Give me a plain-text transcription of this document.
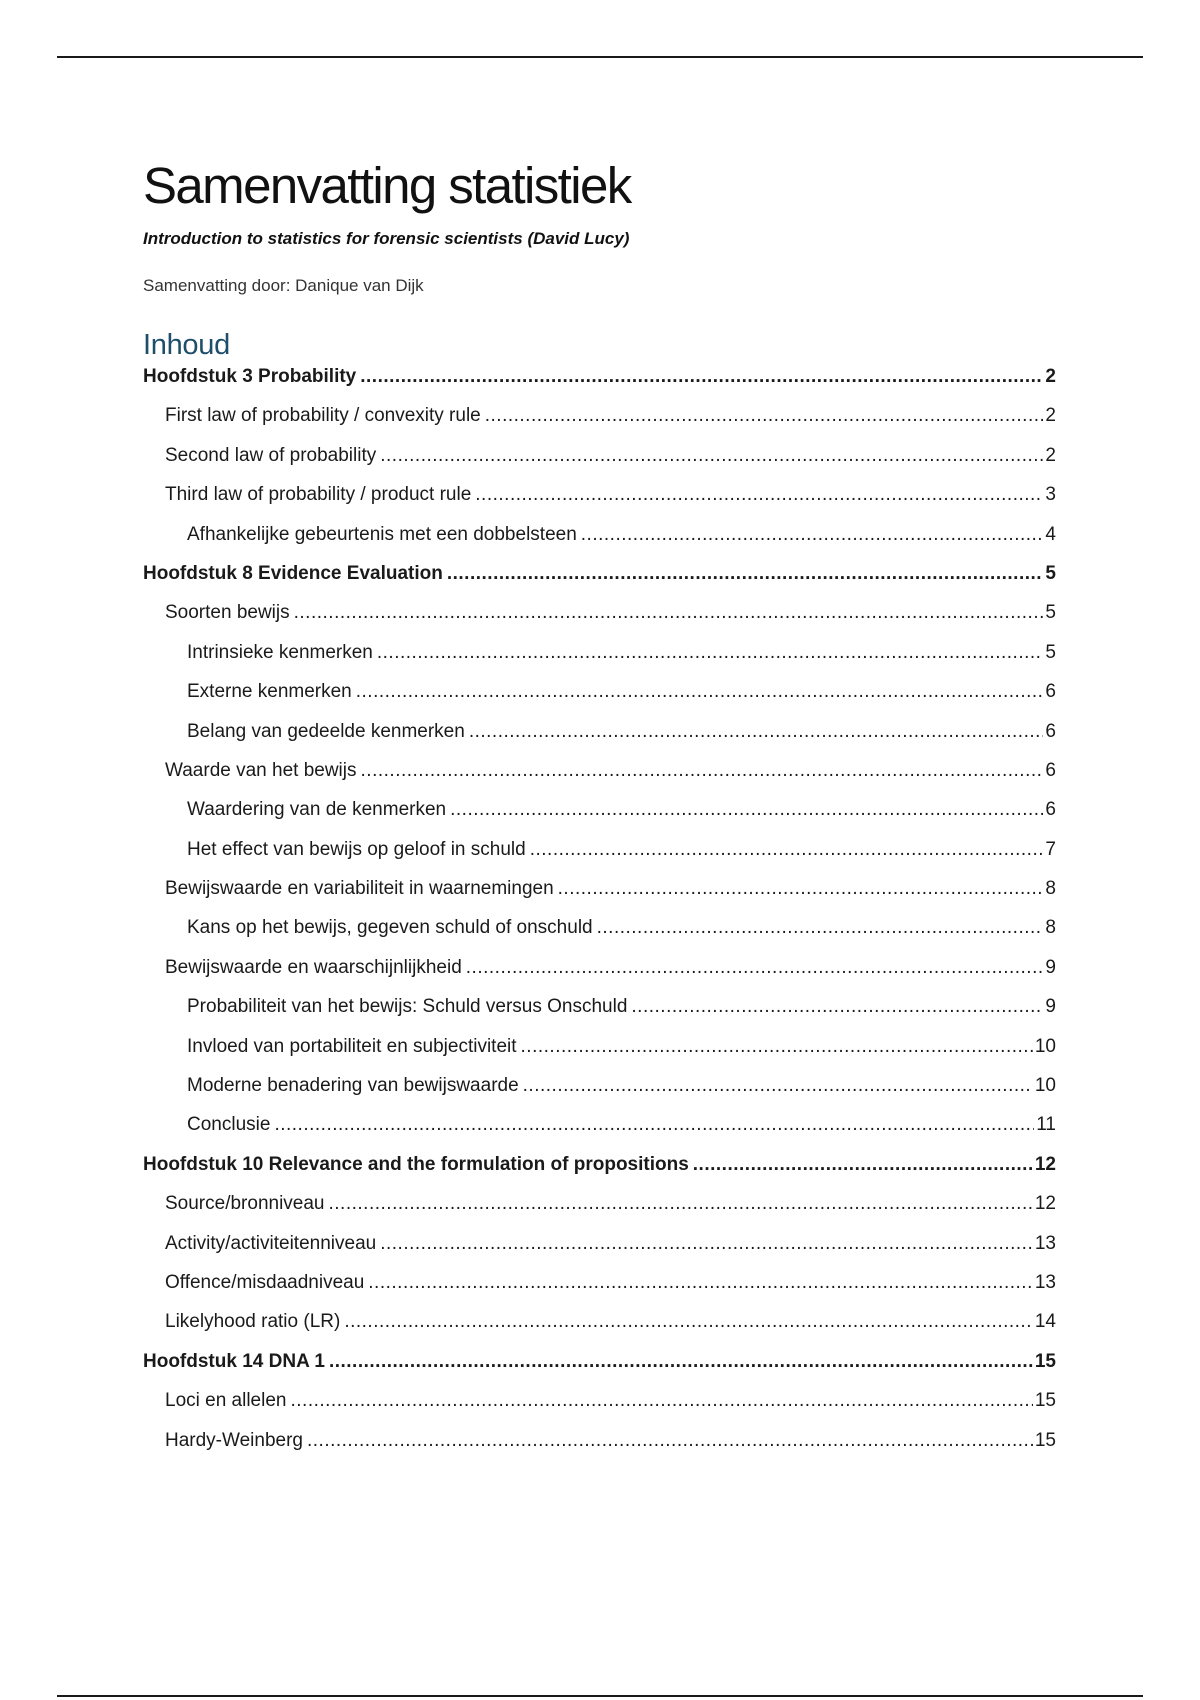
Samenvatting statistiek
Introduction to statistics for forensic scientists (David Lucy)
Samenvatting door: Danique van Dijk
Inhoud
Hoofdstuk 3 Probability .....	2
First law of probability / convexity rule .....	2
Second law of probability .....	2
Third law of probability / product rule .....	3
Afhankelijke gebeurtenis met een dobbelsteen .....	4
Hoofdstuk 8 Evidence Evaluation .....	5
Soorten bewijs .....	5
Intrinsieke kenmerken .....	5
Externe kenmerken .....	6
Belang van gedeelde kenmerken .....	6
Waarde van het bewijs .....	6
Waardering van de kenmerken .....	6
Het effect van bewijs op geloof in schuld .....	7
Bewijswaarde en variabiliteit in waarnemingen .....	8
Kans op het bewijs, gegeven schuld of onschuld .....	8
Bewijswaarde en waarschijnlijkheid .....	9
Probabiliteit van het bewijs: Schuld versus Onschuld .....	9
Invloed van portabiliteit en subjectiviteit .....	10
Moderne benadering van bewijswaarde .....	10
Conclusie .....	11
Hoofdstuk 10 Relevance and the formulation of propositions .....	12
Source/bronniveau .....	12
Activity/activiteitenniveau .....	13
Offence/misdaadniveau .....	13
Likelyhood ratio (LR) .....	14
Hoofdstuk 14 DNA 1 .....	15
Loci en allelen .....	15
Hardy-Weinberg .....	15
